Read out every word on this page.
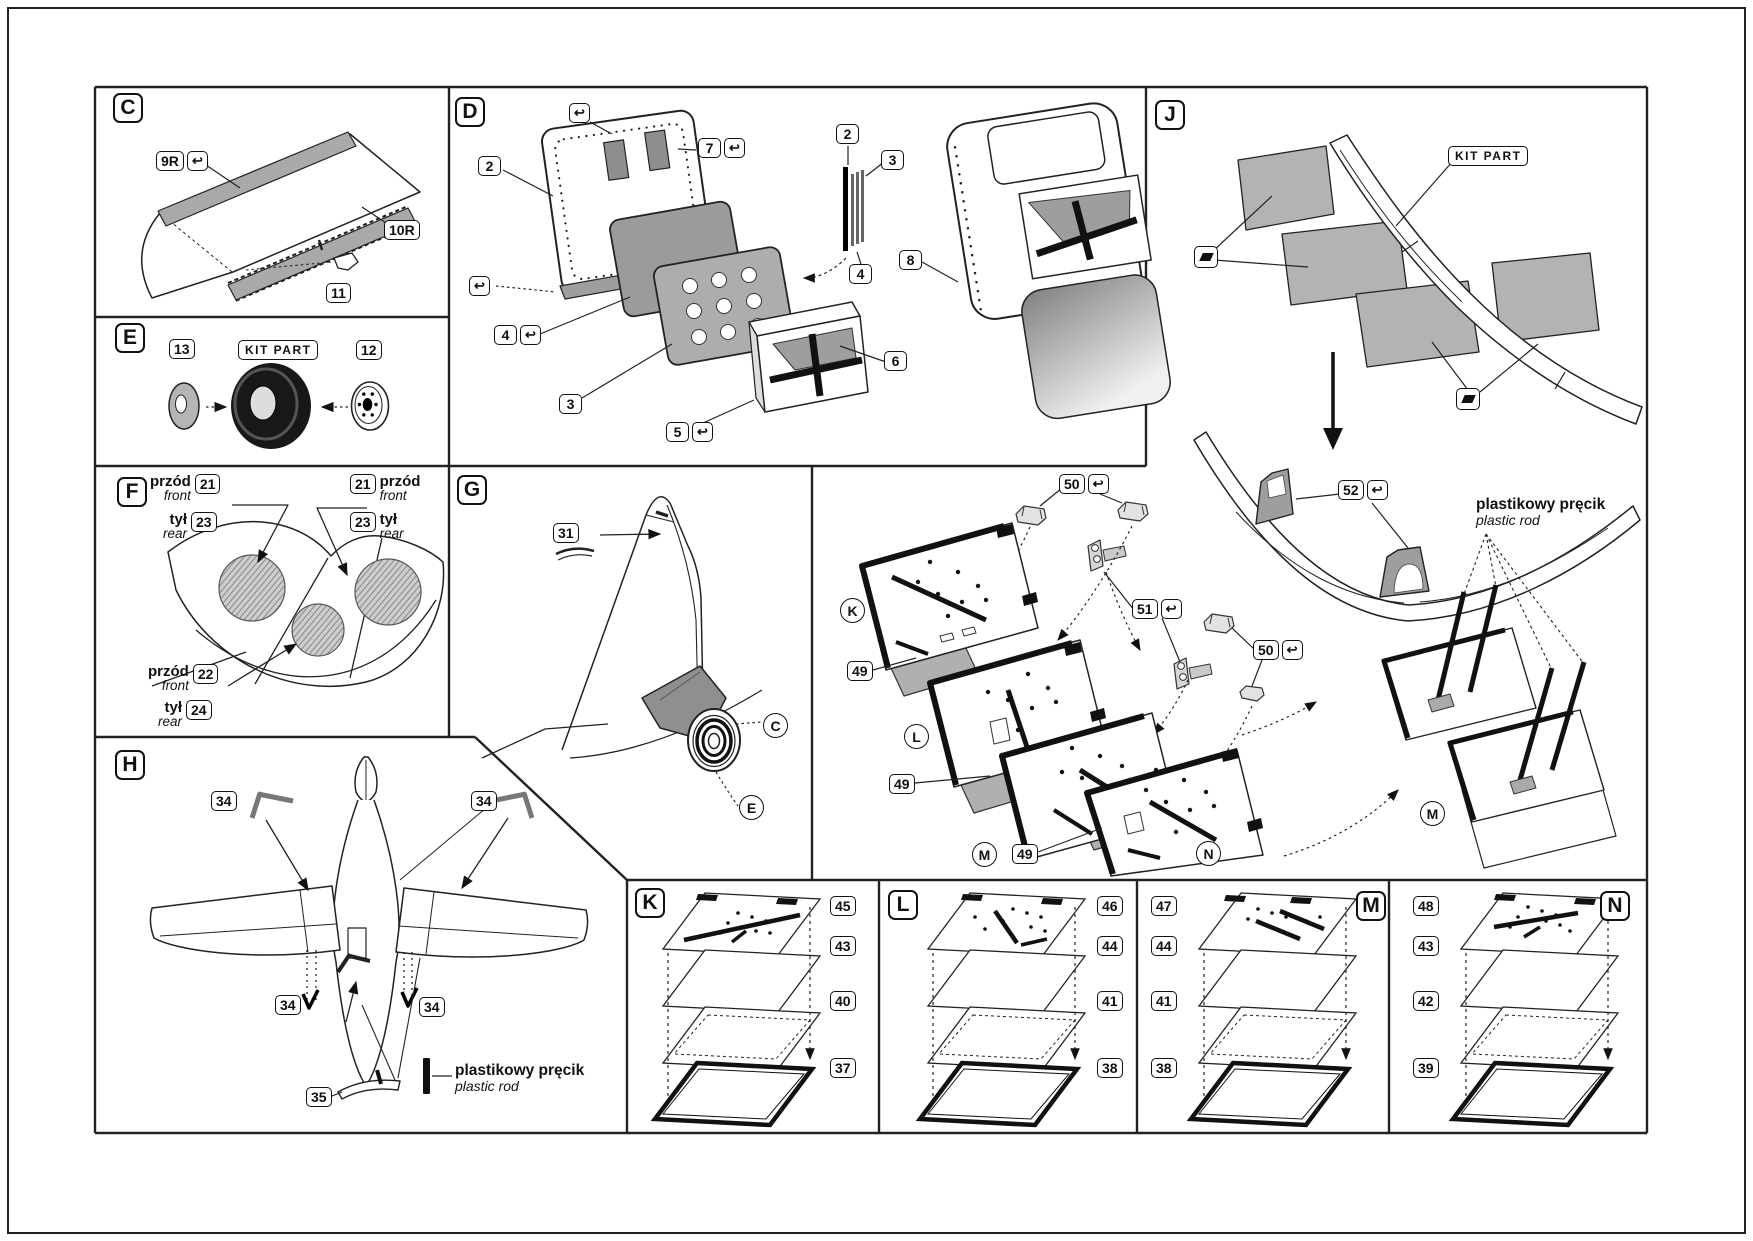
C	D
E
F	G
H
J
K	L	M	N
9R	↩
10R
11
↩
2
7	↩
↩
4	↩
3
5	↩
6
2
3
4
8
13	KIT PART	12
przód
front
21
tył
rear
23
21 przód
front
23 tył
rear
przód
front
22
tył
rear
24
31
C
E
34	34
34	34
35
plastikowy pręcik
plastic rod
KIT PART
50	↩
51	↩
50	↩
52	↩
49
49
49
K
L
M	N
M
plastikowy pręcik
plastic rod
45
43
40
37
46
44
41
38
47
44
41
38
48
43
42
39
